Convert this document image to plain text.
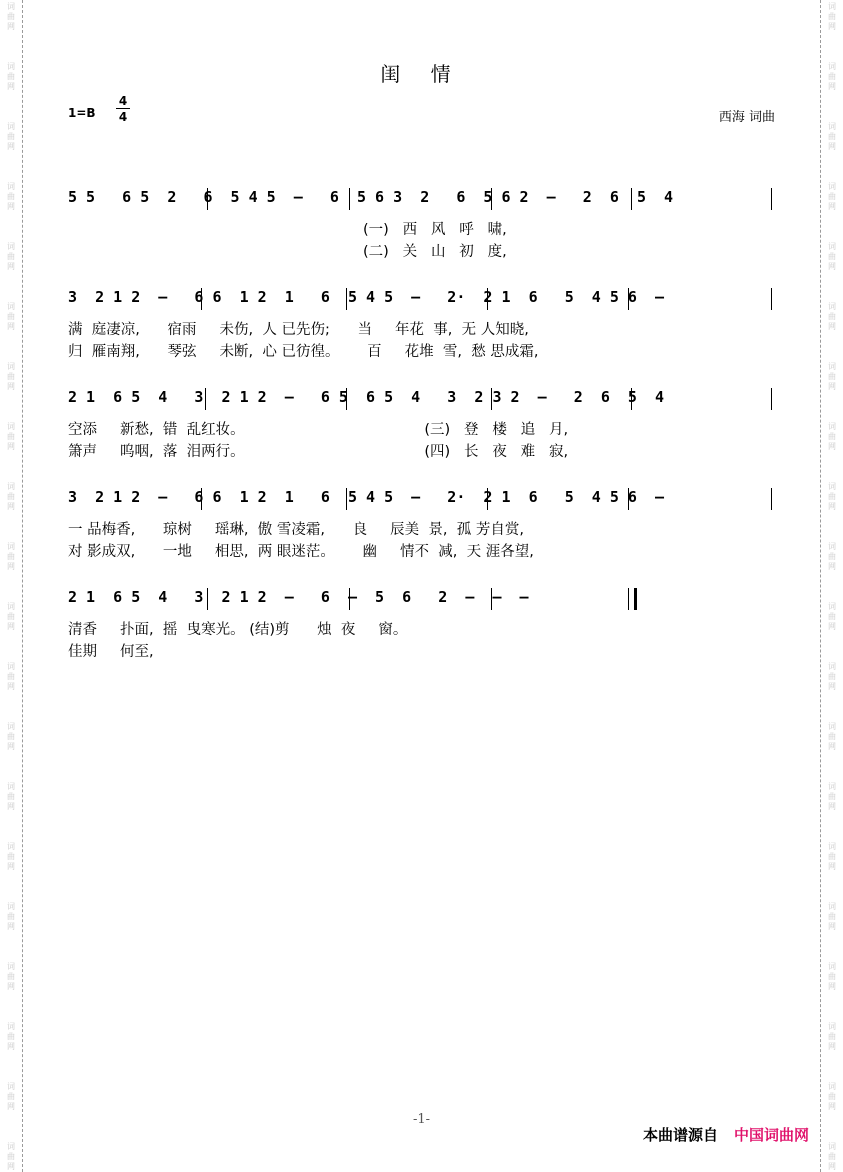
词
曲
网
词
曲
网
词
曲
网
词
曲
网
词
曲
网
词
曲
网
词
曲
网
词
曲
网
词
曲
网
词
曲
网
词
曲
网
词
曲
网
词
曲
网
词
曲
网
词
曲
网
词
曲
网
词
曲
网
词
曲
网
词
曲
网
词
曲
网
词
曲
网
词
曲
网
词
曲
网
词
曲
网
词
曲
网
词
曲
网
词
曲
网
词
曲
网
词
曲
网
词
曲
网
词
曲
网
词
曲
网
词
曲
网
词
曲
网
词
曲
网
词
曲
网
词
曲
网
词
曲
网
词
曲
网
词
曲
网
闺 情
1=B
4
4	西海 词曲
5 5   6 5  2   6  5 4 5  –   6  5 6 3  2   6  5 6 2  –   2  6  5  4
(一)   西   风   呼   啸,
(二)   关   山   初   度,
3  2 1 2  –   6 6  1 2  1   6  5 4 5  –   2·  2 1  6   5  4 5 6  –
满  庭凄凉,      宿雨     未伤,  人 已先伤;      当     年花  事,  无 人知晓,
归  雁南翔,      琴弦     未断,  心 已彷徨。      百     花堆  雪,  愁 思成霜,
2 1  6 5  4   3  2 1 2  –   6 5  6 5  4   3  2 3 2  –   2  6  5  4
空添     新愁,  错  乱红妆。                                       (三)   登   楼   追   月,
箫声     呜咽,  落  泪两行。                                       (四)   长   夜   难   寂,
3  2 1 2  –   6 6  1 2  1   6  5 4 5  –   2·  2 1  6   5  4 5 6  –
一 品梅香,      琼树     瑶琳,  傲 雪凌霜,      良     辰美  景,  孤 芳自赏,
对 影成双,      一地     相思,  两 眼迷茫。      幽     情不  减,  天 涯各望,
2 1  6 5  4   3  2 1 2  –   6  –  5  6   2  –  –  –
清香     扑面,  摇  曳寒光。 (结)剪      烛  夜     窗。
佳期     何至,
-1-
本曲谱源自 中国词曲网
